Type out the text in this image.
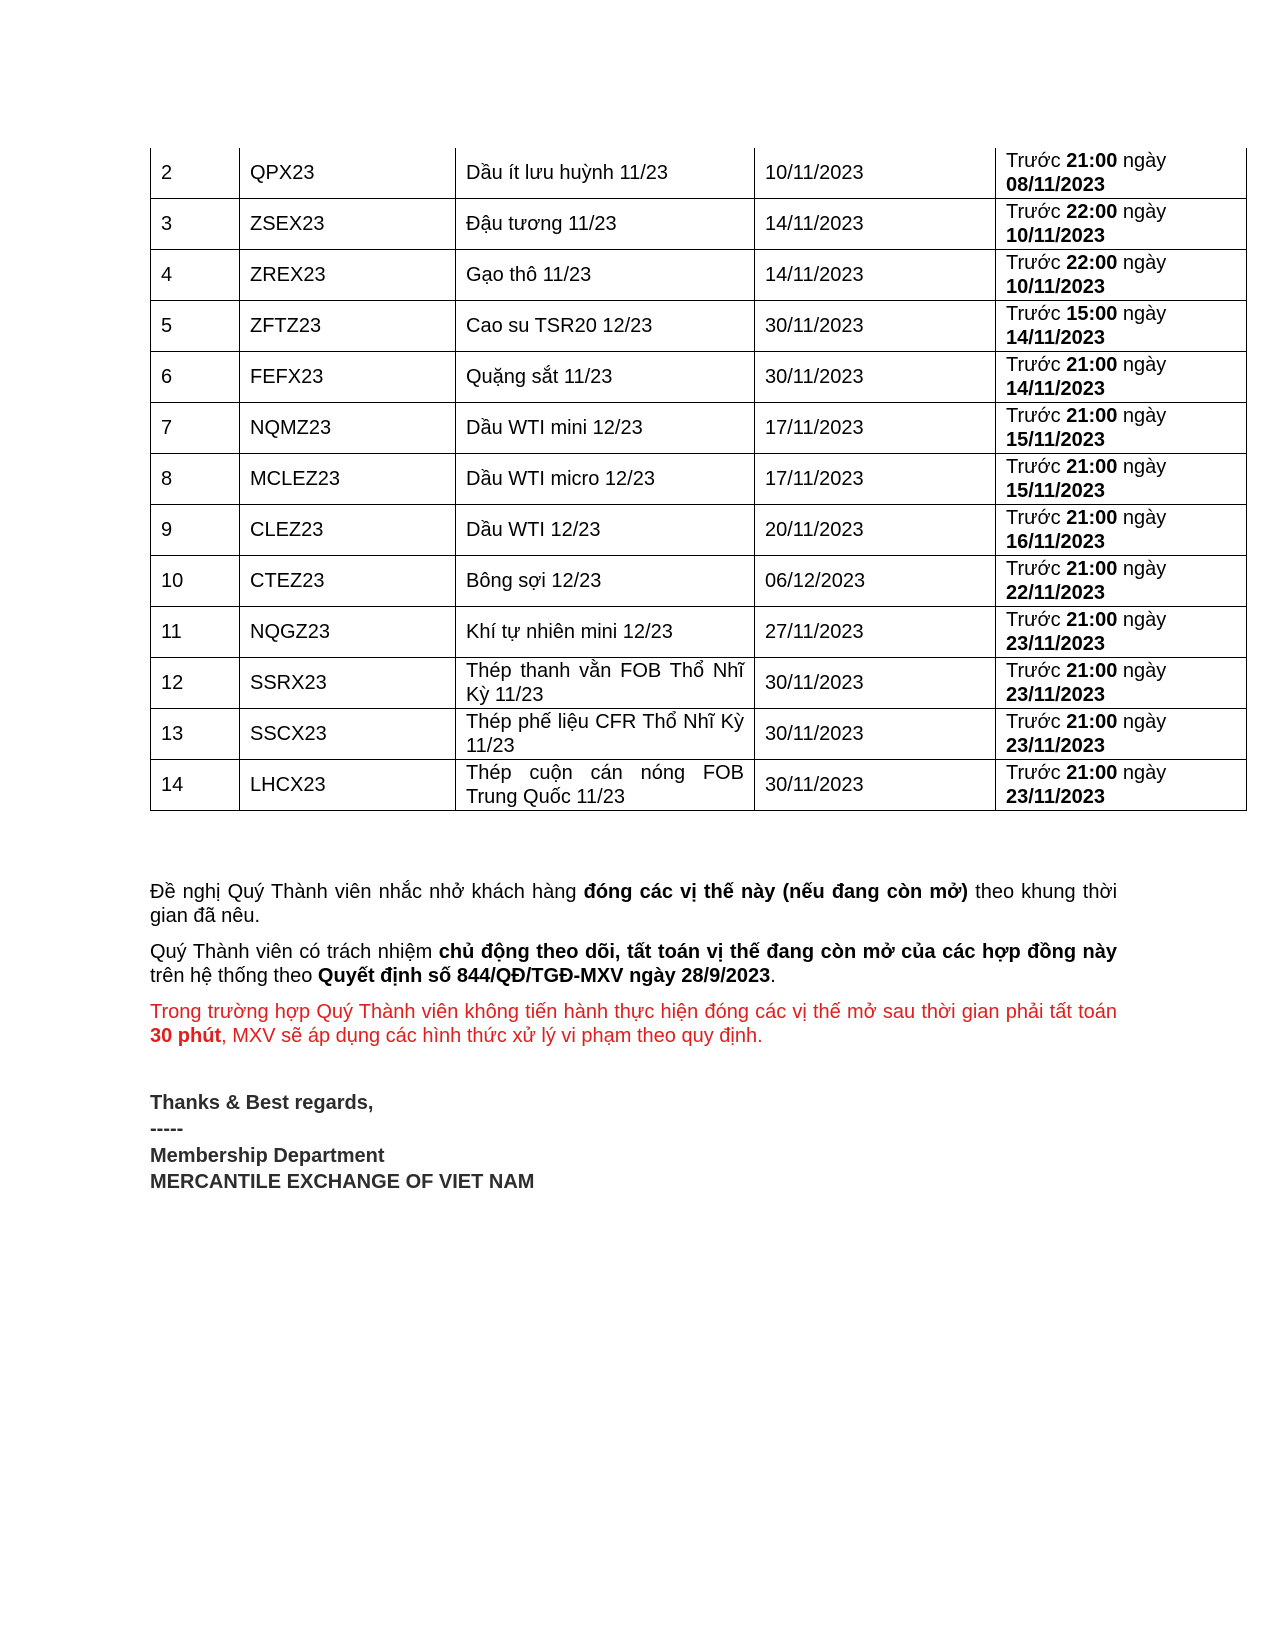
2	QPX23	Dầu ít lưu huỳnh 11/23	10/11/2023	Trước 21:00 ngày 08/11/2023
3	ZSEX23	Đậu tương 11/23	14/11/2023	Trước 22:00 ngày 10/11/2023
4	ZREX23	Gạo thô 11/23	14/11/2023	Trước 22:00 ngày 10/11/2023
5	ZFTZ23	Cao su TSR20 12/23	30/11/2023	Trước 15:00 ngày 14/11/2023
6	FEFX23	Quặng sắt 11/23	30/11/2023	Trước 21:00 ngày 14/11/2023
7	NQMZ23	Dầu WTI mini 12/23	17/11/2023	Trước 21:00 ngày 15/11/2023
8	MCLEZ23	Dầu WTI micro 12/23	17/11/2023	Trước 21:00 ngày 15/11/2023
9	CLEZ23	Dầu WTI 12/23	20/11/2023	Trước 21:00 ngày 16/11/2023
10	CTEZ23	Bông sợi 12/23	06/12/2023	Trước 21:00 ngày 22/11/2023
11	NQGZ23	Khí tự nhiên mini 12/23	27/11/2023	Trước 21:00 ngày 23/11/2023
12	SSRX23	Thép thanh vằn FOB Thổ Nhĩ Kỳ 11/23	30/11/2023	Trước 21:00 ngày 23/11/2023
13	SSCX23	Thép phế liệu CFR Thổ Nhĩ Kỳ 11/23	30/11/2023	Trước 21:00 ngày 23/11/2023
14	LHCX23	Thép cuộn cán nóng FOB Trung Quốc 11/23	30/11/2023	Trước 21:00 ngày 23/11/2023

Đề nghị Quý Thành viên nhắc nhở khách hàng đóng các vị thế này (nếu đang còn mở) theo khung thời gian đã nêu.

Quý Thành viên có trách nhiệm chủ động theo dõi, tất toán vị thế đang còn mở của các hợp đồng này trên hệ thống theo Quyết định số 844/QĐ/TGĐ-MXV ngày 28/9/2023.

Trong trường hợp Quý Thành viên không tiến hành thực hiện đóng các vị thế mở sau thời gian phải tất toán 30 phút, MXV sẽ áp dụng các hình thức xử lý vi phạm theo quy định.

Thanks & Best regards,
-----
Membership Department
MERCANTILE EXCHANGE OF VIET NAM
